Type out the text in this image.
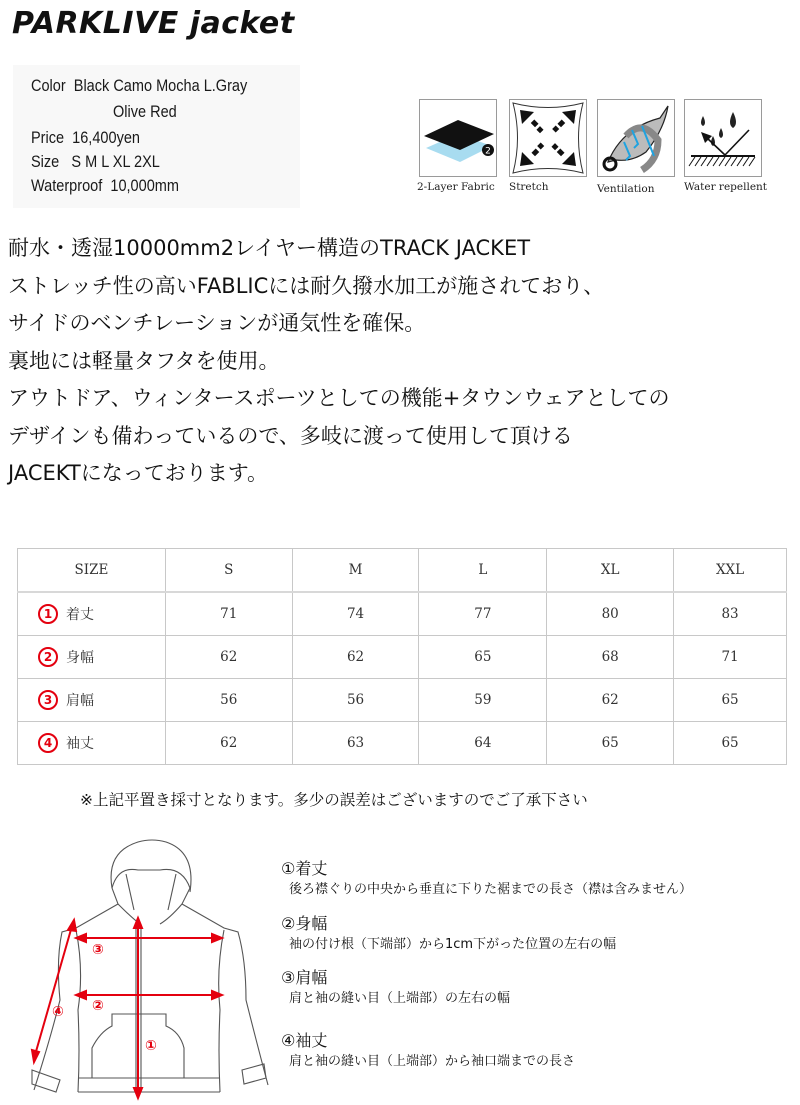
PARKLIVE jacket
Color Black Camo Mocha L.Gray
Olive Red
Price 16,400yen
Size S M L XL 2XL
Waterproof 10,000mm
2
2-Layer Fabric Stretch	Ventilation	Water repellent
耐水・透湿10000mm2レイヤー構造のTRACK JACKET
ストレッチ性の高いFABLICには耐久撥水加工が施されており、
サイドのベンチレーションが通気性を確保。
裏地には軽量タフタを使用。
アウトドア、ウィンタースポーツとしての機能+タウンウェアとしての
デザインも備わっているので、多岐に渡って使用して頂ける
JACEKTになっております。
SIZE	S	M	L	XL	XXL
1 着丈	71	74	77	80	83
2 身幅	62	62	65	68	71
3 肩幅	56	56	59	62	65
4 袖丈	62	63	64	65	65
※上記平置き採寸となります。多少の誤差はございますのでご了承下さい
③
②
④
①
①着丈
後ろ襟ぐりの中央から垂直に下りた裾までの長さ（襟は含みません）
②身幅
袖の付け根（下端部）から1cm下がった位置の左右の幅
③肩幅
肩と袖の縫い目（上端部）の左右の幅
④袖丈
肩と袖の縫い目（上端部）から袖口端までの長さ
